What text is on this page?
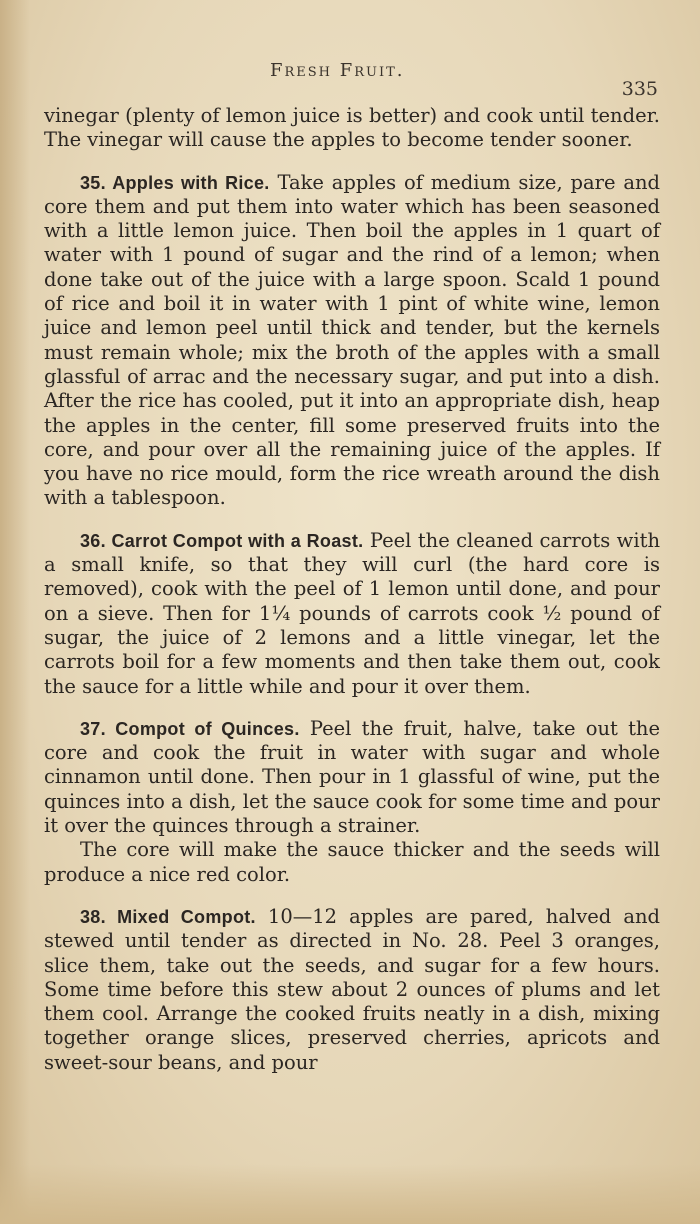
Fresh Fruit.
335

vinegar (plenty of lemon juice is better) and cook until tender. The vinegar will cause the apples to become tender sooner.

35. Apples with Rice. Take apples of medium size, pare and core them and put them into water which has been seasoned with a little lemon juice. Then boil the apples in 1 quart of water with 1 pound of sugar and the rind of a lemon; when done take out of the juice with a large spoon. Scald 1 pound of rice and boil it in water with 1 pint of white wine, lemon juice and lemon peel until thick and tender, but the kernels must remain whole; mix the broth of the apples with a small glassful of arrac and the necessary sugar, and put into a dish. After the rice has cooled, put it into an appropriate dish, heap the apples in the center, fill some preserved fruits into the core, and pour over all the remaining juice of the apples. If you have no rice mould, form the rice wreath around the dish with a tablespoon.

36. Carrot Compot with a Roast. Peel the cleaned carrots with a small knife, so that they will curl (the hard core is removed), cook with the peel of 1 lemon until done, and pour on a sieve. Then for 1¼ pounds of carrots cook ½ pound of sugar, the juice of 2 lemons and a little vinegar, let the carrots boil for a few moments and then take them out, cook the sauce for a little while and pour it over them.

37. Compot of Quinces. Peel the fruit, halve, take out the core and cook the fruit in water with sugar and whole cinnamon until done. Then pour in 1 glassful of wine, put the quinces into a dish, let the sauce cook for some time and pour it over the quinces through a strainer.

The core will make the sauce thicker and the seeds will produce a nice red color.

38. Mixed Compot. 10—12 apples are pared, halved and stewed until tender as directed in No. 28. Peel 3 oranges, slice them, take out the seeds, and sugar for a few hours. Some time before this stew about 2 ounces of plums and let them cool. Arrange the cooked fruits neatly in a dish, mixing together orange slices, preserved cherries, apricots and sweet-sour beans, and pour
